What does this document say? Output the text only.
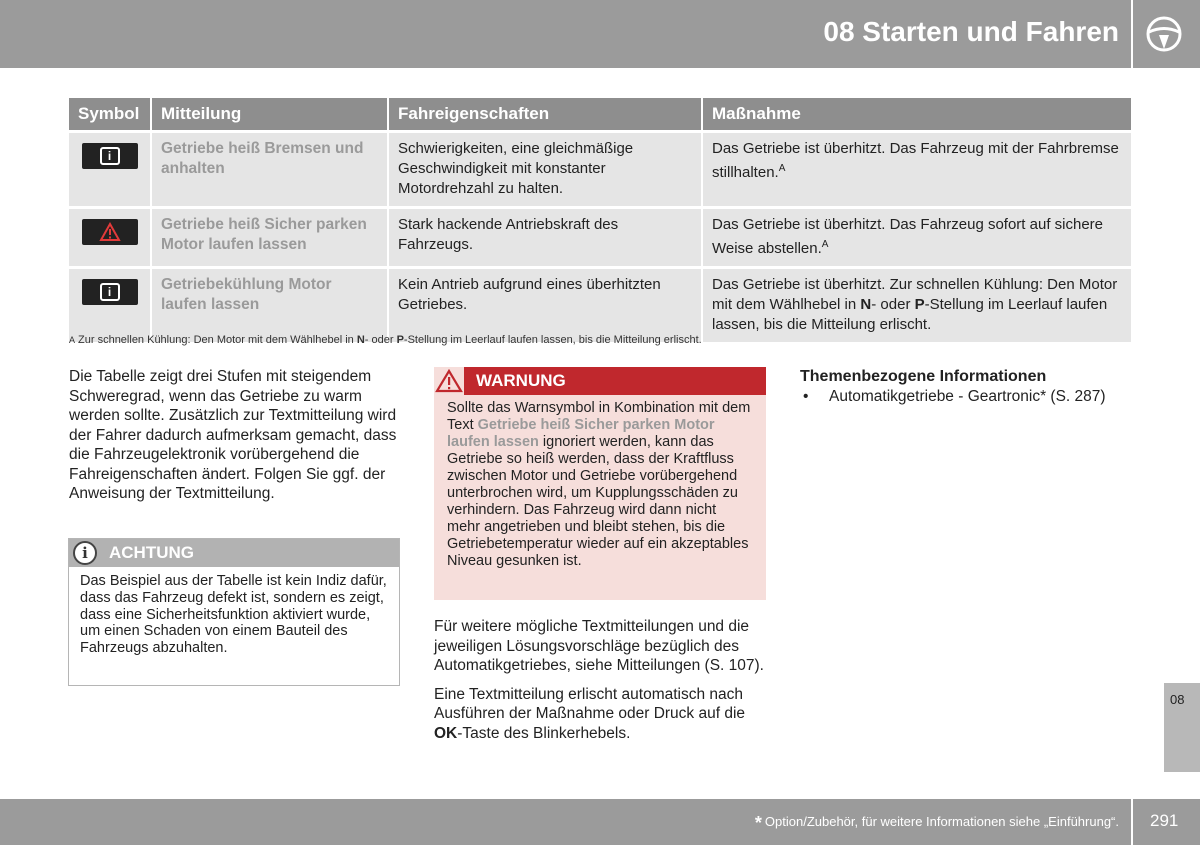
08 Starten und Fahren
Symbol	Mitteilung	Fahreigenschaften	Maßnahme

i	Getriebe heiß Bremsen und anhalten	Schwierigkeiten, eine gleichmäßige Geschwindigkeit mit konstanter Motordrehzahl zu halten.	Das Getriebe ist überhitzt. Das Fahrzeug mit der Fahrbremse stillhalten.$^A$

	Getriebe heiß Sicher parken Motor laufen lassen	Stark hackende Antriebskraft des Fahrzeugs.	Das Getriebe ist überhitzt. Das Fahrzeug sofort auf sichere Weise abstellen.$^A$

i	Getriebekühlung Motor laufen lassen	Kein Antrieb aufgrund eines überhitzten Getriebes.	Das Getriebe ist überhitzt. Zur schnellen Kühlung: Den Motor mit dem Wählhebel in N- oder P-Stellung im Leerlauf laufen lassen, bis die Mitteilung erlischt.
A Zur schnellen Kühlung: Den Motor mit dem Wählhebel in N- oder P-Stellung im Leerlauf laufen lassen, bis die Mitteilung erlischt.
Die Tabelle zeigt drei Stufen mit steigendem Schweregrad, wenn das Getriebe zu warm werden sollte. Zusätzlich zur Textmitteilung wird der Fahrer dadurch aufmerksam gemacht, dass die Fahrzeugelektronik vorübergehend die Fahreigenschaften ändert. Folgen Sie ggf. der Anweisung der Textmitteilung.
i	ACHTUNG
Das Beispiel aus der Tabelle ist kein Indiz dafür, dass das Fahrzeug defekt ist, sondern es zeigt, dass eine Sicherheitsfunktion aktiviert wurde, um einen Schaden von einem Bauteil des Fahrzeugs abzuhalten.
WARNUNG
Sollte das Warnsymbol in Kombination mit dem Text Getriebe heiß Sicher parken Motor laufen lassen ignoriert werden, kann das Getriebe so heiß werden, dass der Kraftfluss zwischen Motor und Getriebe vorübergehend unterbrochen wird, um Kupplungsschäden zu verhindern. Das Fahrzeug wird dann nicht mehr angetrieben und bleibt stehen, bis die Getriebetemperatur wieder auf ein akzeptables Niveau gesunken ist.

Für weitere mögliche Textmitteilungen und die jeweiligen Lösungsvorschläge bezüglich des Automatikgetriebes, siehe Mitteilungen (S. 107).

Eine Textmitteilung erlischt automatisch nach Ausführen der Maßnahme oder Druck auf die OK-Taste des Blinkerhebels.

Themenbezogene Informationen
• Automatikgetriebe - Geartronic* (S. 287)
08
* Option/Zubehör, für weitere Informationen siehe „Einführung“. 291
